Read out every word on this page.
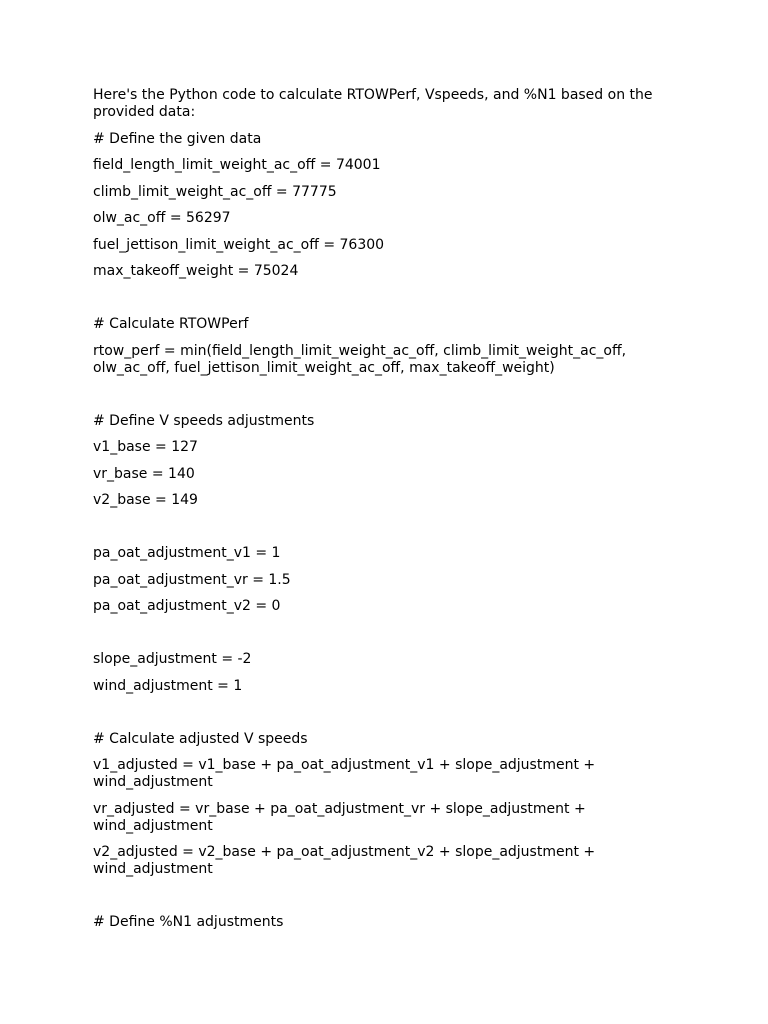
Here's the Python code to calculate RTOWPerf, Vspeeds, and %N1 based on the provided data:

# Define the given data

field_length_limit_weight_ac_off = 74001

climb_limit_weight_ac_off = 77775

olw_ac_off = 56297

fuel_jettison_limit_weight_ac_off = 76300

max_takeoff_weight = 75024

# Calculate RTOWPerf

rtow_perf = min(field_length_limit_weight_ac_off, climb_limit_weight_ac_off, olw_ac_off, fuel_jettison_limit_weight_ac_off, max_takeoff_weight)

# Define V speeds adjustments

v1_base = 127

vr_base = 140

v2_base = 149

pa_oat_adjustment_v1 = 1

pa_oat_adjustment_vr = 1.5

pa_oat_adjustment_v2 = 0

slope_adjustment = -2

wind_adjustment = 1

# Calculate adjusted V speeds

v1_adjusted = v1_base + pa_oat_adjustment_v1 + slope_adjustment + wind_adjustment

vr_adjusted = vr_base + pa_oat_adjustment_vr + slope_adjustment + wind_adjustment

v2_adjusted = v2_base + pa_oat_adjustment_v2 + slope_adjustment + wind_adjustment

# Define %N1 adjustments
